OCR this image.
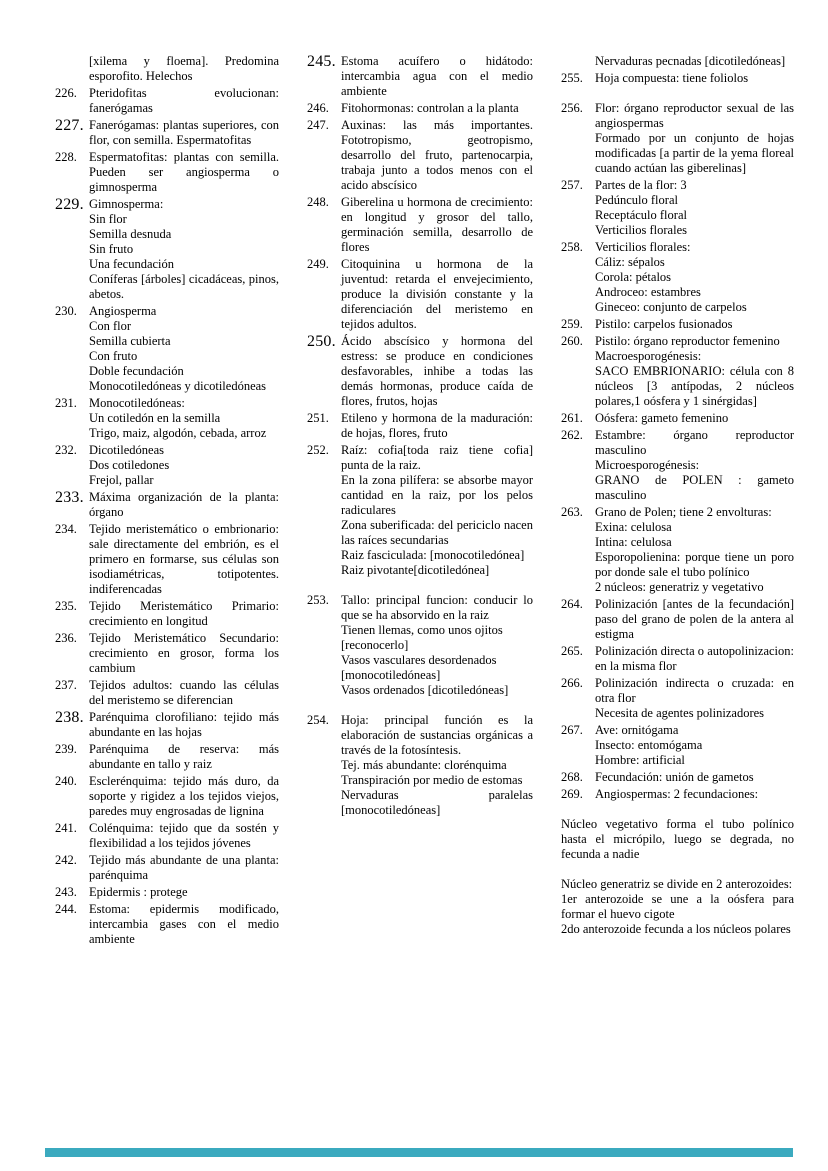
[xilema y floema]. Predomina esporofito. Helechos

226. Pteridofitas evolucionan: fanerógamas

227. Fanerógamas: plantas superiores, con flor, con semilla. Espermatofitas

228. Espermatofitas: plantas con semilla. Pueden ser angiosperma o gimnosperma

229. Gimnosperma:

Sin flor

Semilla desnuda

Sin fruto

Una fecundación

Coníferas [árboles] cicadáceas, pinos, abetos.

230. Angiosperma

Con flor

Semilla cubierta

Con fruto

Doble fecundación

Monocotiledóneas y dicotiledóneas

231. Monocotiledóneas:

Un cotiledón en la semilla

Trigo, maiz, algodón, cebada, arroz

232. Dicotiledóneas

Dos cotiledones

Frejol, pallar

233. Máxima organización de la planta: órgano

234. Tejido meristemático o embrionario: sale directamente del embrión, es el primero en formarse, sus células son isodiamétricas, totipotentes. indiferencadas

235. Tejido Meristemático Primario: crecimiento en longitud

236. Tejido Meristemático Secundario: crecimiento en grosor, forma los cambium

237. Tejidos adultos: cuando las células del meristemo se diferencian

238. Parénquima clorofiliano: tejido más abundante en las hojas

239. Parénquima de reserva: más abundante en tallo y raiz

240. Esclerénquima: tejido más duro, da soporte y rigidez a los tejidos viejos, paredes muy engrosadas de lignina

241. Colénquima: tejido que da sostén y flexibilidad a los tejidos jóvenes

242. Tejido más abundante de una planta: parénquima

243. Epidermis : protege

244. Estoma: epidermis modificado, intercambia gases con el medio ambiente

245. Estoma acuífero o hidátodo: intercambia agua con el medio ambiente

246. Fitohormonas: controlan a la planta

247. Auxinas: las más importantes. Fototropismo, geotropismo, desarrollo del fruto, partenocarpia, trabaja junto a todos menos con el acido abscísico

248. Giberelina u hormona de crecimiento: en longitud y grosor del tallo, germinación semilla, desarrollo de flores

249. Citoquinina u hormona de la juventud: retarda el envejecimiento, produce la división constante y la diferenciación del meristemo en tejidos adultos.

250. Ácido abscísico y hormona del estress: se produce en condiciones desfavorables, inhibe a todas las demás hormonas, produce caída de flores, frutos, hojas

251. Etileno y hormona de la maduración: de hojas, flores, fruto

252. Raíz: cofia[toda raiz tiene cofia] punta de la raiz.

En la zona pilífera: se absorbe mayor cantidad en la raiz, por los pelos radiculares

Zona suberificada: del periciclo nacen las raíces secundarias

Raiz fasciculada: [monocotiledónea]

Raiz pivotante[dicotiledónea]

253. Tallo: principal funcion: conducir lo que se ha absorvido en la raiz

Tienen llemas, como unos ojitos

[reconocerlo]

Vasos vasculares desordenados

[monocotiledóneas]

Vasos ordenados [dicotiledóneas]

254. Hoja: principal función es la elaboración de sustancias orgánicas a través de la fotosíntesis.

Tej. más abundante: clorénquima

Transpiración por medio de estomas

Nervaduras paralelas [monocotiledóneas]

Nervaduras pecnadas [dicotiledóneas]

255. Hoja compuesta: tiene foliolos

256. Flor: órgano reproductor sexual de las angiospermas

Formado por un conjunto de hojas modificadas [a partir de la yema floreal cuando actúan las giberelinas]

257. Partes de la flor: 3

Pedúnculo floral

Receptáculo floral

Verticilios florales

258. Verticilios florales:

Cáliz: sépalos

Corola: pétalos

Androceo: estambres

Gineceo: conjunto de carpelos

259. Pistilo: carpelos fusionados

260. Pistilo: órgano reproductor femenino

Macroesporogénesis:

SACO EMBRIONARIO: célula con 8 núcleos [3 antípodas, 2 núcleos polares,1 oósfera y 1 sinérgidas]

261. Oósfera: gameto femenino

262. Estambre: órgano reproductor masculino

Microesporogénesis:

GRANO de POLEN : gameto masculino

263. Grano de Polen; tiene 2 envolturas:

Exina: celulosa

Intina: celulosa

Esporopolienina: porque tiene un poro por donde sale el tubo polínico

2 núcleos: generatriz y vegetativo

264. Polinización [antes de la fecundación] paso del grano de polen de la antera al estigma

265. Polinización directa o autopolinizacion: en la misma flor

266. Polinización indirecta o cruzada: en otra flor

Necesita de agentes polinizadores

267. Ave: ornitógama

Insecto: entomógama

Hombre: artificial

268. Fecundación: unión de gametos

269. Angiospermas: 2 fecundaciones:

Núcleo vegetativo forma el tubo polínico hasta el micrópilo, luego se degrada, no fecunda a nadie

Núcleo generatriz se divide en 2 anterozoides:

1er anterozoide se une a la oósfera para formar el huevo cigote

2do anterozoide fecunda a los núcleos polares
